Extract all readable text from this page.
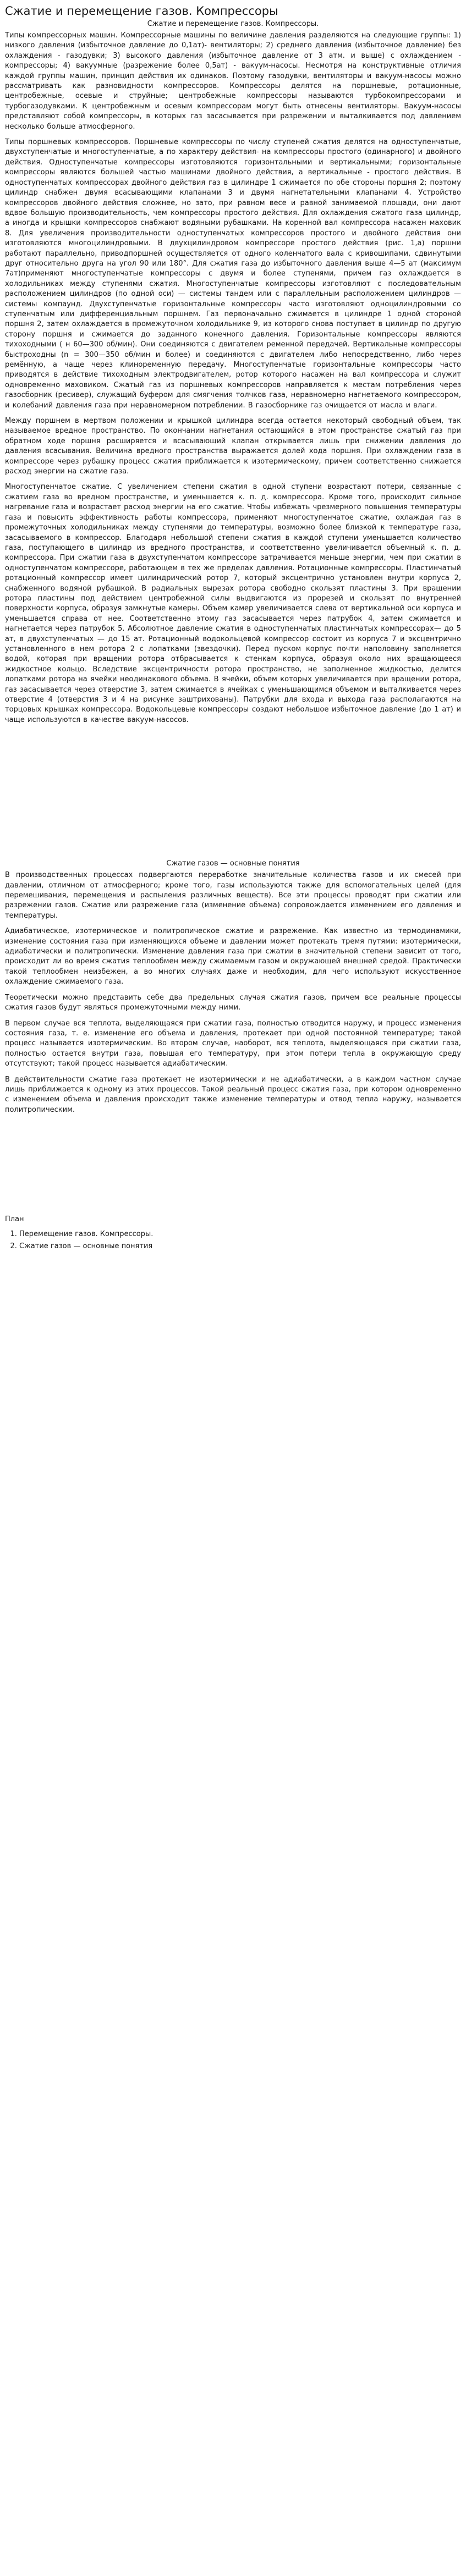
Сжатие и перемещение газов. Компрессоры
Сжатие и перемещение газов. Компрессоры.

Типы компрессорных машин. Компрессорные машины по величине давления разделяются на следующие группы: 1) низкого давления (избыточное давление до 0,1ат)- вентиляторы; 2) среднего давления (избыточное давление) без охлаждения - газодувки; 3) высокого давления (избыточное давление от 3 атм. и выше) с охлаждением - компрессоры; 4) вакуумные (разрежение более 0,5ат) - вакуум-насосы. Несмотря на конструктивные отличия каждой группы машин, принцип действия их одинаков. Поэтому газодувки, вентиляторы и вакуум-насосы можно рассматривать как разновидности компрессоров. Компрессоры делятся на поршневые, ротационные, центробежные, осевые и струйные; центробежные компрессоры называются турбокомпрессорами и турбогазодувками. К центробежным и осевым компрессорам могут быть отнесены вентиляторы. Вакуум-насосы представляют собой компрессоры, в которых газ засасывается при разрежении и выталкивается под давлением несколько больше атмосферного.

Типы поршневых компрессоров. Поршневые компрессоры по числу ступеней сжатия делятся на одноступенчатые, двухступенчатые и многоступенчатые, а по характеру действия- на компрессоры простого (одинарного) и двойного действия. Одноступенчатые компрессоры изготовляются горизонтальными и вертикальными; горизонтальные компрессоры являются большей частью машинами двойного действия, а вертикальные - простого действия. В одноступенчатых компрессорах двойного действия газ в цилиндре 1 сжимается по обе стороны поршня 2; поэтому цилиндр снабжен двумя всасывающими клапанами 3 и двумя нагнетательными клапанами 4. Устройство компрессоров двойного действия сложнее, но зато, при равном весе и равной занимаемой площади, они дают вдвое большую производительность, чем компрессоры простого действия. Для охлаждения сжатого газа цилиндр, а иногда и крышки компрессоров снабжают водяными рубашками. На коренной вал компрессора насажен маховик 8. Для увеличения производительности одноступенчатых компрессоров простого и двойного действия они изготовляются многоцилиндровыми. В двухцилиндровом компрессоре простого действия (рис. 1,а) поршни работают параллельно, приводпоршней осуществляется от одного коленчатого вала с кривошипами, сдвинутыми друг относительно друга на угол 90 или 180°. Для сжатия газа до избыточного давления выше 4—5 ат (максимум 7ат)применяют многоступенчатые компрессоры с двумя и более ступенями, причем газ охлаждается в холодильниках между ступенями сжатия. Многоступенчатые компрессоры изготовляют с последовательным расположением цилиндров (по одной оси) — системы тандем или с параллельным расположением цилиндров — системы компаунд. Двухступенчатые горизонтальные компрессоры часто изготовляют одноцилиндровыми со ступенчатым или дифференциальным поршнем. Газ первоначально сжимается в цилиндре 1 одной стороной поршня 2, затем охлаждается в промежуточном холодильнике 9, из которого снова поступает в цилиндр по другую сторону поршня и сжимается до заданного конечного давления. Горизонтальные компрессоры являются тихоходными ( н 60—300 об/мин). Они соединяются с двигателем ременной передачей. Вертикальные компрессоры быстроходны (n = 300—350 об/мин и более) и соединяются с двигателем либо непосредственно, либо через ремённую, а чаще через клиноременную передачу. Многоступенчатые горизонтальные компрессоры часто приводятся в действие тихоходным электродвигателем, ротор которого насажен на вал компрессора и служит одновременно маховиком. Сжатый газ из поршневых компрессоров направляется к местам потребления через газосборник (ресивер), служащий буфером для смягчения толчков газа, неравномерно нагнетаемого компрессором, и колебаний давления газа при неравномерном потреблении. В газосборнике газ очищается от масла и влаги.

Между поршнем в мертвом положении и крышкой цилиндра всегда остается некоторый свободный объем, так называемое вредное пространство. По окончании нагнетания остающийся в этом пространстве сжатый газ при обратном ходе поршня расширяется и всасывающий клапан открывается лишь при снижении давления до давления всасывания. Величина вредного пространства выражается долей хода поршня. При охлаждении газа в компрессоре через рубашку процесс сжатия приближается к изотермическому, причем соответственно снижается расход энергии на сжатие газа.

Многоступенчатое сжатие. С увеличением степени сжатия в одной ступени возрастают потери, связанные с сжатием газа во вредном пространстве, и уменьшается к. п. д. компрессора. Кроме того, происходит сильное нагревание газа и возрастает расход энергии на его сжатие. Чтобы избежать чрезмерного повышения температуры газа и повысить эффективность работы компрессора, применяют многоступенчатое сжатие, охлаждая газ в промежуточных холодильниках между ступенями до температуры, возможно более близкой к температуре газа, засасываемого в компрессор. Благодаря небольшой степени сжатия в каждой ступени уменьшается количество газа, поступающего в цилиндр из вредного пространства, и соответственно увеличивается объемный к. п. д. компрессора. При сжатии газа в двухступенчатом компрессоре затрачивается меньше энергии, чем при сжатии в одноступенчатом компрессоре, работающем в тех же пределах давления. Ротационные компрессоры. Пластинчатый ротационный компрессор имеет цилиндрический ротор 7, который эксцентрично установлен внутри корпуса 2, снабженного водяной рубашкой. В радиальных вырезах ротора свободно скользят пластины 3. При вращении ротора пластины под действием центробежной силы выдвигаются из прорезей и скользят по внутренней поверхности корпуса, образуя замкнутые камеры. Объем камер увеличивается слева от вертикальной оси корпуса и уменьшается справа от нее. Соответственно этому газ засасывается через патрубок 4, затем сжимается и нагнетается через патрубок 5. Абсолютное давление сжатия в одноступенчатых пластинчатых компрессорах— до 5 ат, в двухступенчатых — до 15 ат. Ротационный водокольцевой компрессор состоит из корпуса 7 и эксцентрично установленного в нем ротора 2 с лопатками (звездочки). Перед пуском корпус почти наполовину заполняется водой, которая при вращении ротора отбрасывается к стенкам корпуса, образуя около них вращающееся жидкостное кольцо. Вследствие эксцентричности ротора пространство, не заполненное жидкостью, делится лопатками ротора на ячейки неодинакового объема. В ячейки, объем которых увеличивается при вращении ротора, газ засасывается через отверстие 3, затем сжимается в ячейках с уменьшающимся объемом и выталкивается через отверстие 4 (отверстия 3 и 4 на рисунке заштрихованы). Патрубки для входа и выхода газа располагаются на торцовых крышках компрессора. Водокольцевые компрессоры создают небольшое избыточное давление (до 1 ат) и чаще используются в качестве вакуум-насосов.

Сжатие газов — основные понятия

В производственных процессах подвергаются переработке значительные количества газов и их смесей при давлении, отличном от атмосферного; кроме того, газы используются также для вспомогательных целей (для перемешивания, перемещения и распыления различных веществ). Все эти процессы проводят при сжатии или разрежении газов. Сжатие или разрежение газа (изменение объема) сопровождается изменением его давления и температуры.

Адиабатическое, изотермическое и политропическое сжатие и разрежение. Как известно из термодинамики, изменение состояния газа при изменяющихся объеме и давлении может протекать тремя путями: изотермически, адиабатически и политропически. Изменение давления газа при сжатии в значительной степени зависит от того, происходит ли во время сжатия теплообмен между сжимаемым газом и окружающей внешней средой. Практически такой теплообмен неизбежен, а во многих случаях даже и необходим, для чего используют искусственное охлаждение сжимаемого газа.

Теоретически можно представить себе два предельных случая сжатия газов, причем все реальные процессы сжатия газов будут являться промежуточными между ними.

В первом случае вся теплота, выделяющаяся при сжатии газа, полностью отводится наружу, и процесс изменения состояния газа, т. е. изменение его объема и давления, протекает при одной постоянной температуре; такой процесс называется изотермическим. Во втором случае, наоборот, вся теплота, выделяющаяся при сжатии газа, полностью остается внутри газа, повышая его температуру, при этом потери тепла в окружающую среду отсутствуют; такой процесс называется адиабатическим.

В действительности сжатие газа протекает не изотермически и не адиабатически, а в каждом частном случае лишь приближается к одному из этих процессов. Такой реальный процесс сжатия газа, при котором одновременно с изменением объема и давления происходит также изменение температуры и отвод тепла наружу, называется политропическим.

План
1. Перемещение газов. Компрессоры.
2. Сжатие газов — основные понятия
